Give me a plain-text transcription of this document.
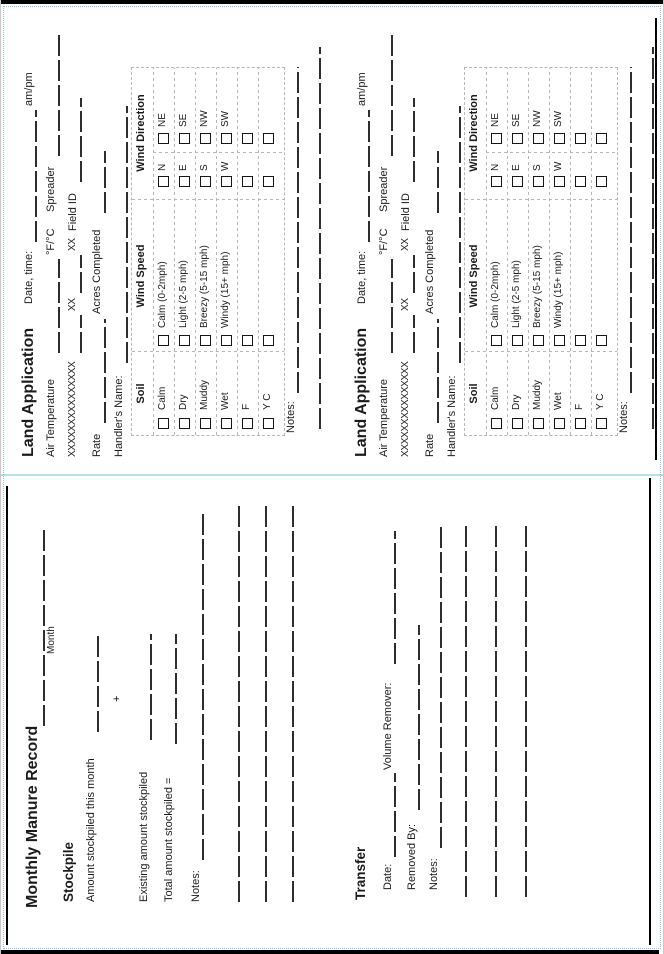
Monthly Manure Record
Month
Stockpile Amount stockpiled this month
+
Existing amount stockpiled Total amount stockpiled = Notes:	Transfer Date:
Volume Remover:
Removed By: Notes:
Land Application
Date, time:
am/pm
Air Temperature
°F/°C
Spreader
XXXXXXXXXXXXXXX
XX
XX
Field ID
Rate
Acres Completed
Handler's Name: Soil
Wind Speed
Wind Direction
Calm
Calm (0-2mph)
N
NE
Dry
Light (2-5 mph)
E
SE
Muddy
Breezy (5-15 mph)
S
NW
Wet
Windy (15+ mph)
W
SW
F Y C Notes:	Land Application
Date, time:
am/pm
Air Temperature
°F/°C
Spreader
XXXXXXXXXXXXXXX
XX
XX
Field ID
Rate
Acres Completed
Handler's Name: Soil
Wind Speed
Wind Direction
Calm
Calm (0-2mph)
N
NE
Dry
Light (2-5 mph)
E
SE
Muddy
Breezy (5-15 mph)
S
NW
Wet
Windy (15+ mph)
W
SW
F Y C Notes:
